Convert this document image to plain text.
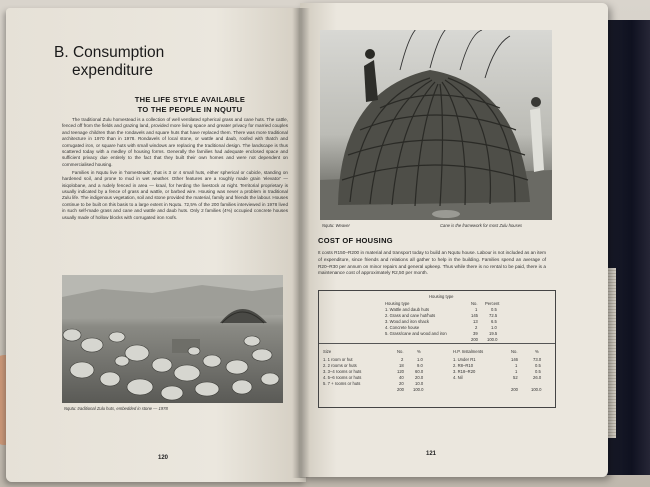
B. Consumption
expenditure
THE LIFE STYLE AVAILABLE
TO THE PEOPLE IN NQUTU

The traditional Zulu homestead is a collection of well ventilated spherical grass and cane huts. The cattle, fenced off from the fields and grazing land, provided more living space and greater privacy for married couples and teenage children than the rondavels and square huts that have replaced them. There was more traditional architecture in 1970 than in 1978. Rondavels of local stone, or wattle and daub, roofed with thatch and corrugated iron, or square huts with small windows are replacing the traditional design. The landscape is thus scattered today with a medley of housing forms. Generally the families had adequate enclosed space and sufficient privacy due entirely to the fact that they built their own homes and were not dependent on commercialised housing.

Families in Nqutu live in 'homesteads', that is 3 or 4 small huts, either spherical or cubicle, standing on hardened soil, and prone to mud in wet weather. Other features are a roughly made grain 'elevator' — isiqolobane, and a rudely fenced in area — kraal, for herding the livestock at night. Territorial proprietary is usually indicated by a fence of grass and wattle, or barbed wire. Housing was never a problem in traditional Zulu life. The indigenous vegetation, soil and stone provided the material, family and friends the labour. Houses continue to be built on this basis to a large extent in Nqutu. 72,5% of the 200 families interviewed in 1978 lived in such self-made grass and cane and wattle and daub huts. Only 2 families (4%) occupied concrete houses usually made of hollow blocks with corrugated iron roofs.

Nqutu: traditional Zulu huts, embedded in stone — 1978
120
Nqutu: Weaver	Cane is the framework for most Zulu houses
COST OF HOUSING
It costs R150–R200 in material and transport today to build an Nqutu house. Labour is not included as an item of expenditure, since friends and relations all gather to help in the building. Families spend an average of R20–R30 per annum on minor repairs and general upkeep. Thus while there is no rental to be paid, there is a maintenance cost of approximately R2,50 per month.
Housing type
Housing type	No. Percent
1. Wattle and daub huts	1	0.5
2. Grass and cane hut/huts	145	72.5
3. Wood and iron shack	13	6.5
4. Concrete house	2	1.0
5. Grass/cane and wood and iron	39	19.5
200 100.0
Size	No.	%
1. 1 room or hut	2	1.0
2. 2 rooms or huts	18	9.0
3. 3–4 rooms or huts	120	60.0
4. 5–6 rooms or huts	40	20.0
5. 7 + rooms or huts	20	10.0
200 100.0
H.P. Instalments	No.	%
1. Under R1	146	73.0
2. R8–R10	1	0.5
3. R18–R20	1	0.5
4. Nil	52	26.0
200	100.0
121
